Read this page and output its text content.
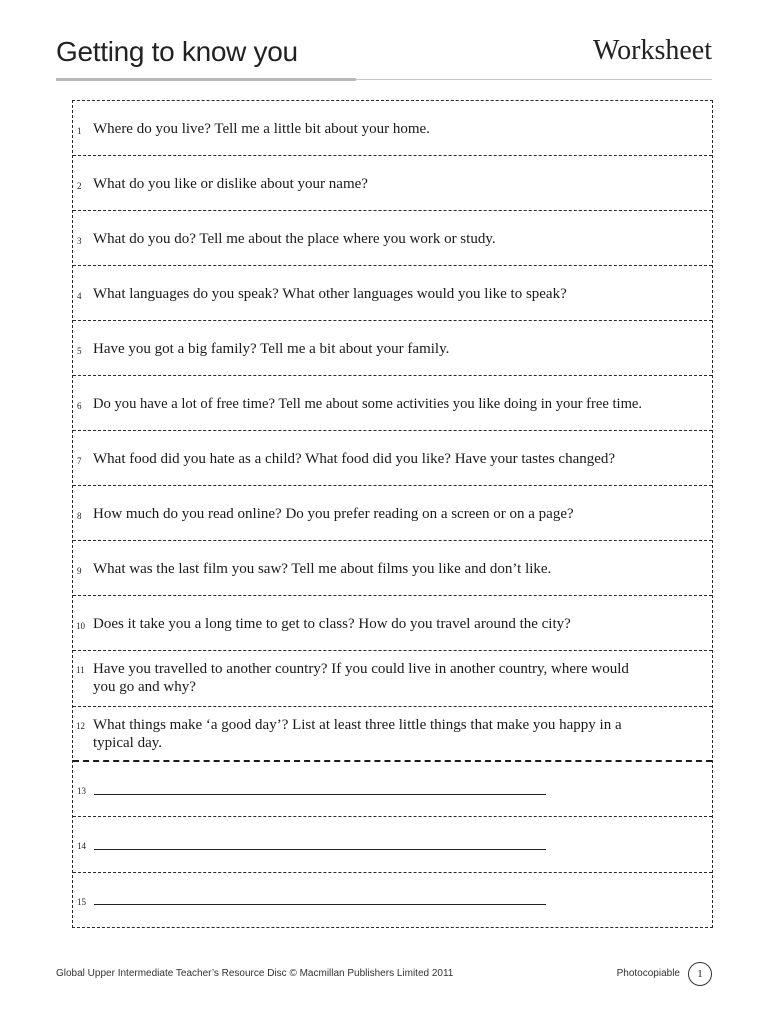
Getting to know you	Worksheet
1 Where do you live? Tell me a little bit about your home.
2 What do you like or dislike about your name?
3 What do you do? Tell me about the place where you work or study.
4 What languages do you speak? What other languages would you like to speak?
5 Have you got a big family? Tell me a bit about your family.
6 Do you have a lot of free time? Tell me about some activities you like doing in your free time.
7 What food did you hate as a child? What food did you like? Have your tastes changed?
8 How much do you read online? Do you prefer reading on a screen or on a page?
9 What was the last film you saw? Tell me about films you like and don’t like.
10 Does it take you a long time to get to class? How do you travel around the city?
11 Have you travelled to another country? If you could live in another country, where would
you go and why?
12 What things make ‘a good day’? List at least three little things that make you happy in a
typical day.
13
14
15
Global Upper Intermediate Teacher’s Resource Disc © Macmillan Publishers Limited 2011	Photocopiable	1
